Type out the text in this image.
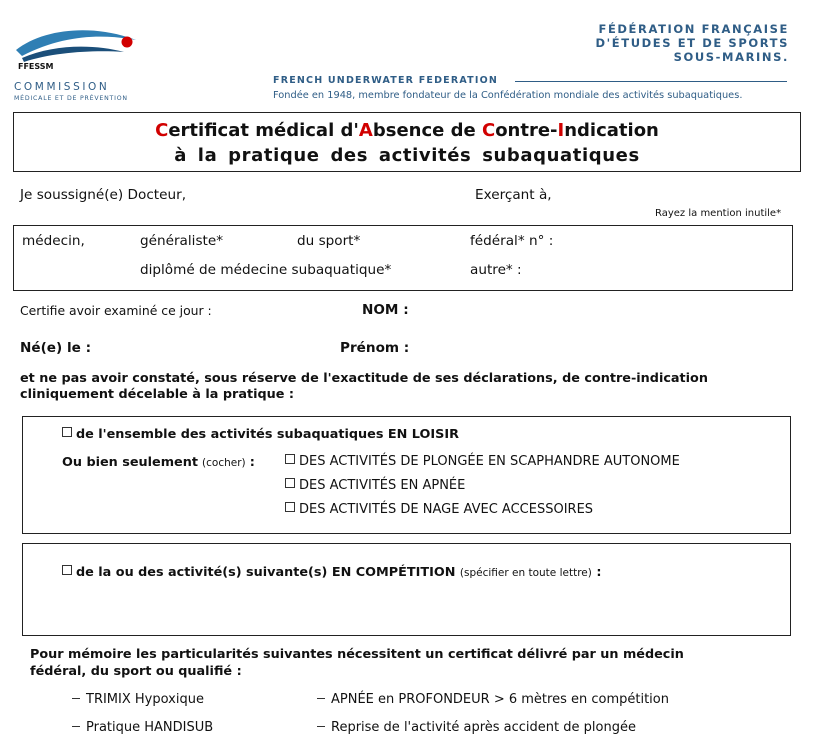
FFESSM
COMMISSION
MÉDICALE ET DE PRÉVENTION
FÉDÉRATION FRANÇAISE
D'ÉTUDES ET DE SPORTS
SOUS-MARINS.
FRENCH UNDERWATER FEDERATION
Fondée en 1948, membre fondateur de la Confédération mondiale des activités subaquatiques.
Certificat médical d'Absence de Contre-Indication
à la pratique des activités subaquatiques
Je soussigné(e) Docteur,	Exerçant à,
Rayez la mention inutile*
médecin,	généraliste*	du sport*	fédéral* n° :
diplômé de médecine subaquatique*	autre* :
Certifie avoir examiné ce jour :	NOM :
Né(e) le :	Prénom :
et ne pas avoir constaté, sous réserve de l'exactitude de ses déclarations, de contre-indication
cliniquement décelable à la pratique :
de l'ensemble des activités subaquatiques EN LOISIR
Ou bien seulement (cocher) :	DES ACTIVITÉS DE PLONGÉE EN SCAPHANDRE AUTONOME
DES ACTIVITÉS EN APNÉE
DES ACTIVITÉS DE NAGE AVEC ACCESSOIRES
de la ou des activité(s) suivante(s) EN COMPÉTITION (spécifier en toute lettre) :
Pour mémoire les particularités suivantes nécessitent un certificat délivré par un médecin
fédéral, du sport ou qualifié :
TRIMIX Hypoxique
Pratique HANDISUB
APNÉE en PROFONDEUR > 6 mètres en compétition
Reprise de l'activité après accident de plongée
